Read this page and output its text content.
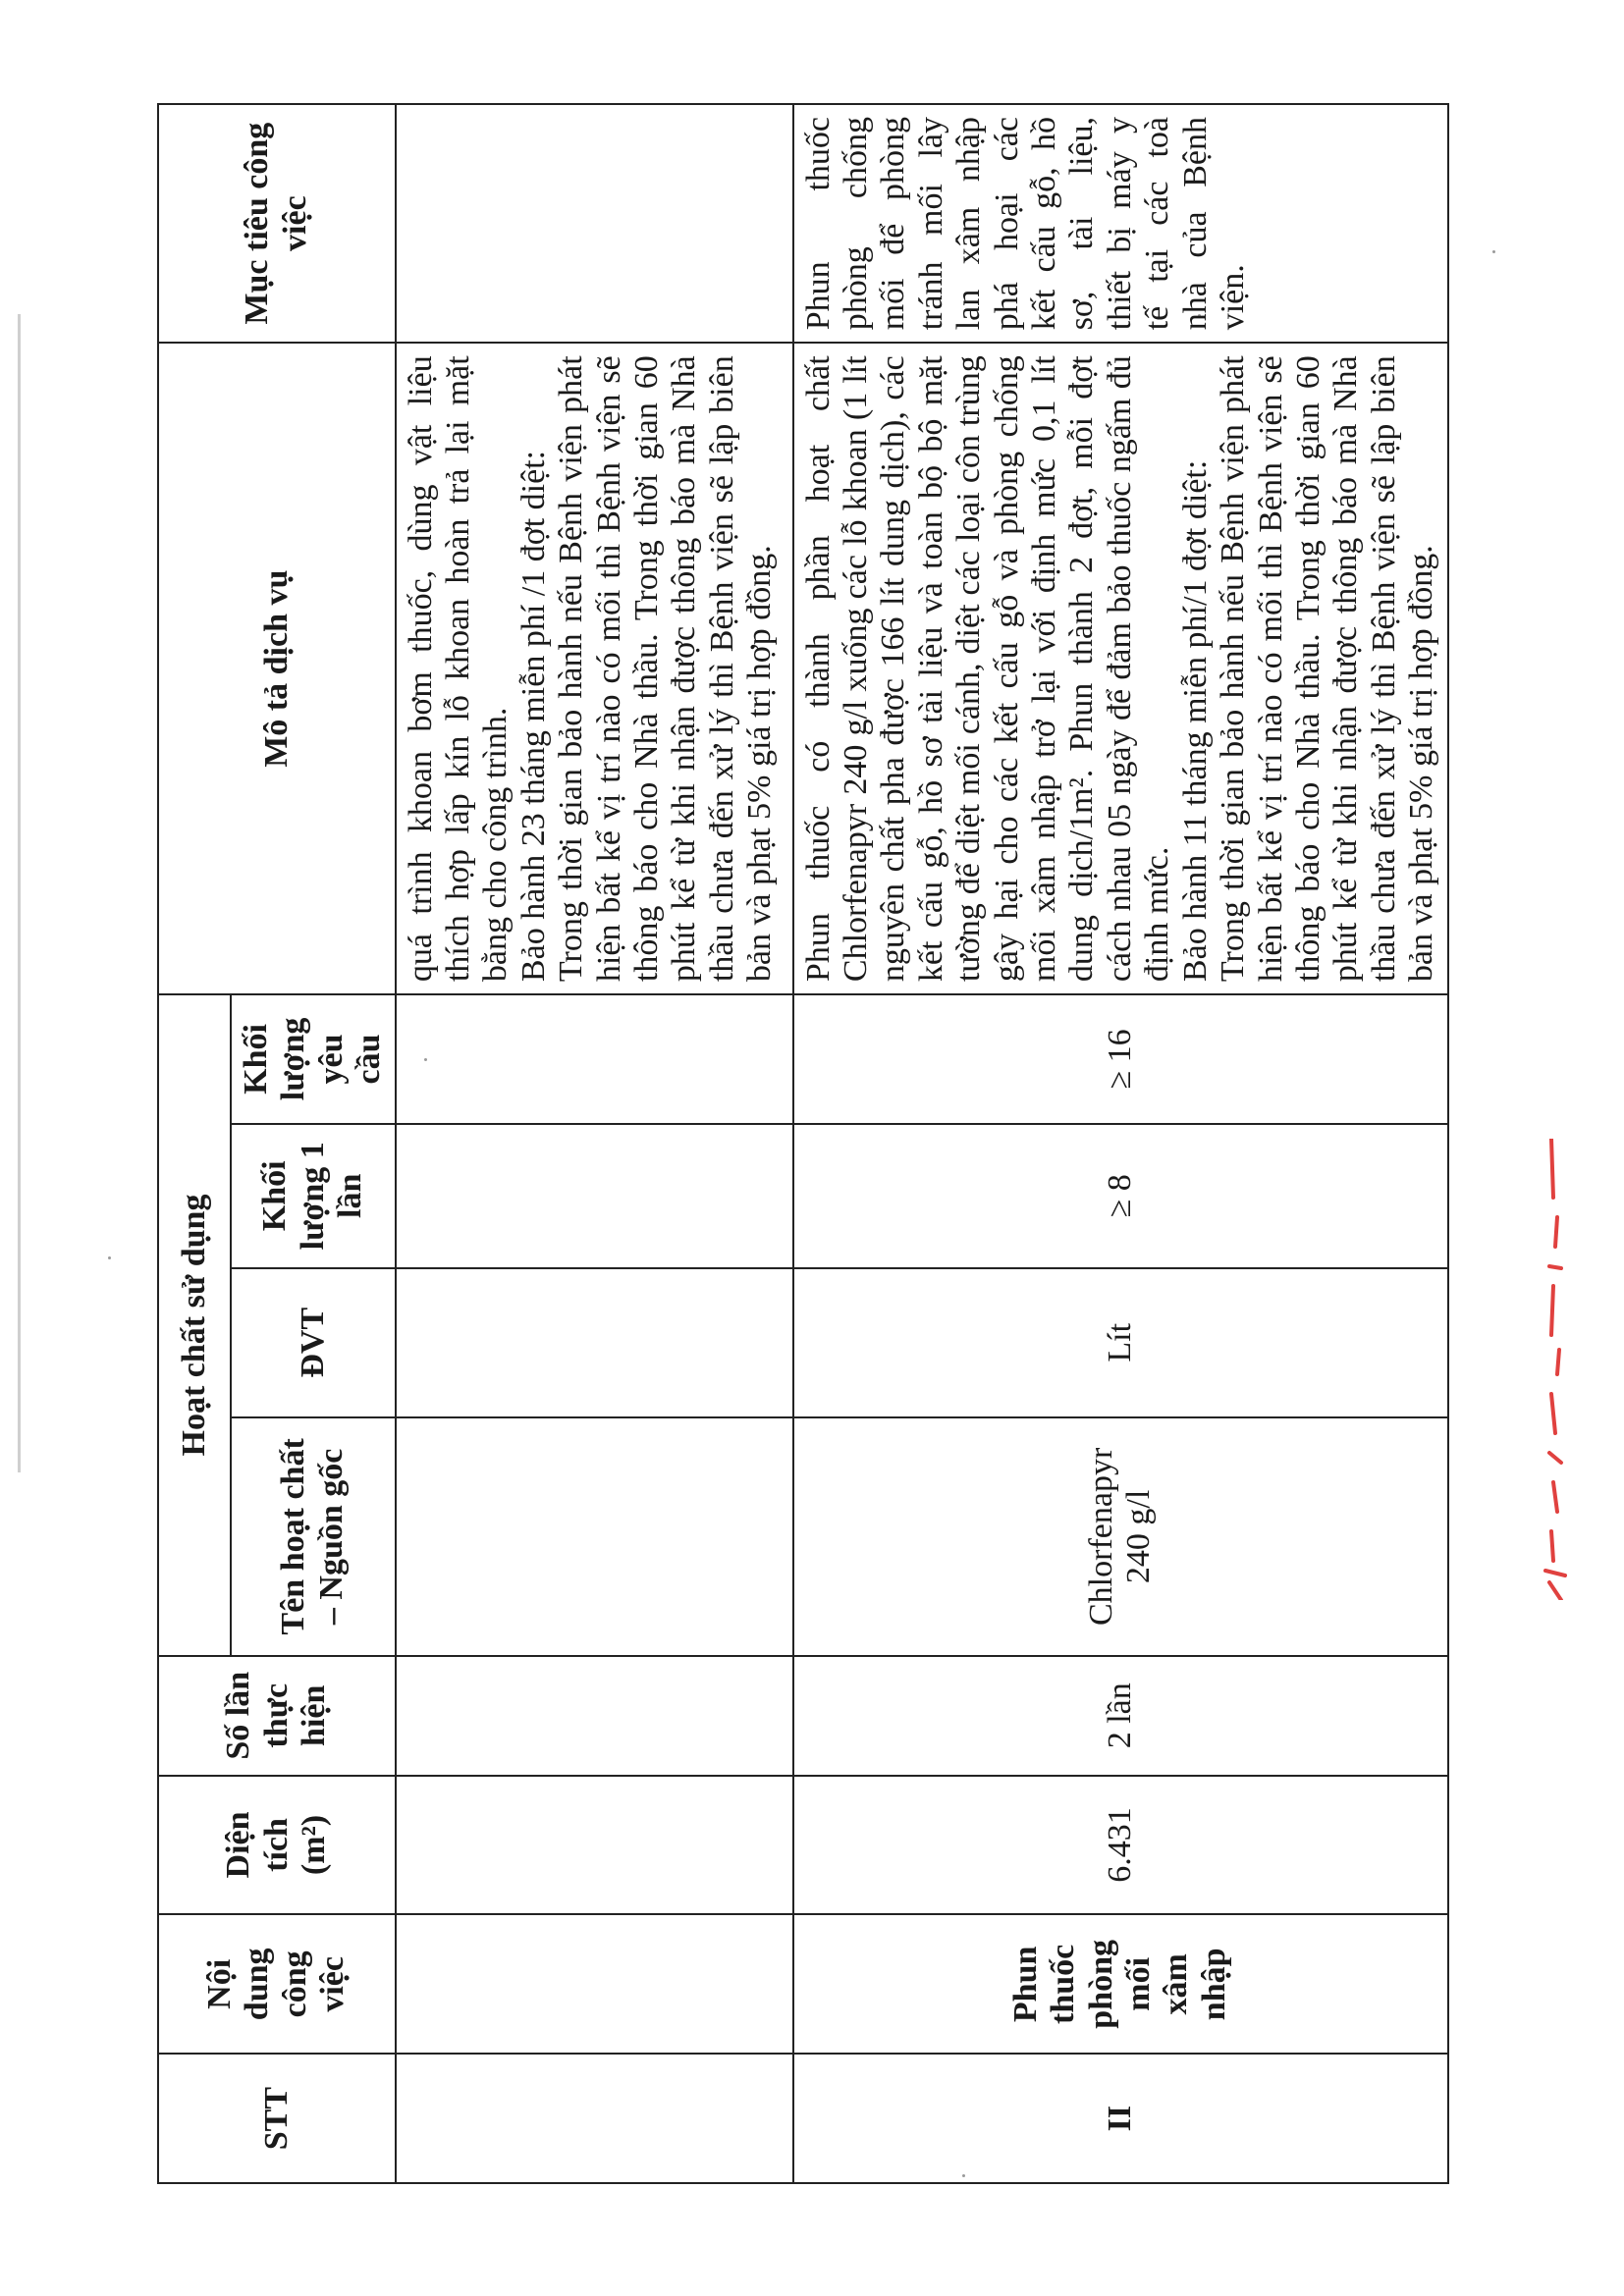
STT	Nội dung công việc	Diện tích (m²)	Số lần thực hiện	Hoạt chất sử dụng				Mô tả dịch vụ	Mục tiêu công việc
				Tên hoạt chất – Nguồn gốc	ĐVT	Khối lượng 1 lần	Khối lượng yêu cầu		
								quá trình khoan bơm thuốc, dùng vật liệu thích hợp lấp kín lỗ khoan hoàn trả lại mặt bằng cho công trình.
Bảo hành 23 tháng miễn phí /1 đợt diệt:
Trong thời gian bảo hành nếu Bệnh viện phát hiện bất kể vị trí nào có mối thì Bệnh viện sẽ thông báo cho Nhà thầu. Trong thời gian 60 phút kể từ khi nhận được thông báo mà Nhà thầu chưa đến xử lý thì Bệnh viện sẽ lập biên bản và phạt 5% giá trị hợp đồng.	
II	Phun thuốc phòng mối xâm nhập	6.431	2 lần	Chlorfenapyr 240 g/l	Lít	≥ 8	≥ 16	Phun thuốc có thành phần hoạt chất Chlorfenapyr 240 g/l xuống các lỗ khoan (1 lít nguyên chất pha được 166 lít dung dịch), các kết cấu gỗ, hồ sơ tài liệu và toàn bộ bộ mặt tường để diệt mối cánh, diệt các loại côn trùng gây hại cho các kết cấu gỗ và phòng chống mối xâm nhập trở lại với định mức 0,1 lít dung dịch/1m². Phun thành 2 đợt, mỗi đợt cách nhau 05 ngày để đảm bảo thuốc ngấm đủ định mức.
Bảo hành 11 tháng miễn phí/1 đợt diệt:
Trong thời gian bảo hành nếu Bệnh viện phát hiện bất kể vị trí nào có mối thì Bệnh viện sẽ thông báo cho Nhà thầu. Trong thời gian 60 phút kể từ khi nhận được thông báo mà Nhà thầu chưa đến xử lý thì Bệnh viện sẽ lập biên bản và phạt 5% giá trị hợp đồng.	Phun thuốc phòng chống mối để phòng tránh mối lây lan xâm nhập phá hoại các kết cấu gỗ, hồ sơ, tài liệu, thiết bị máy y tế tại các toà nhà của Bệnh viện.
